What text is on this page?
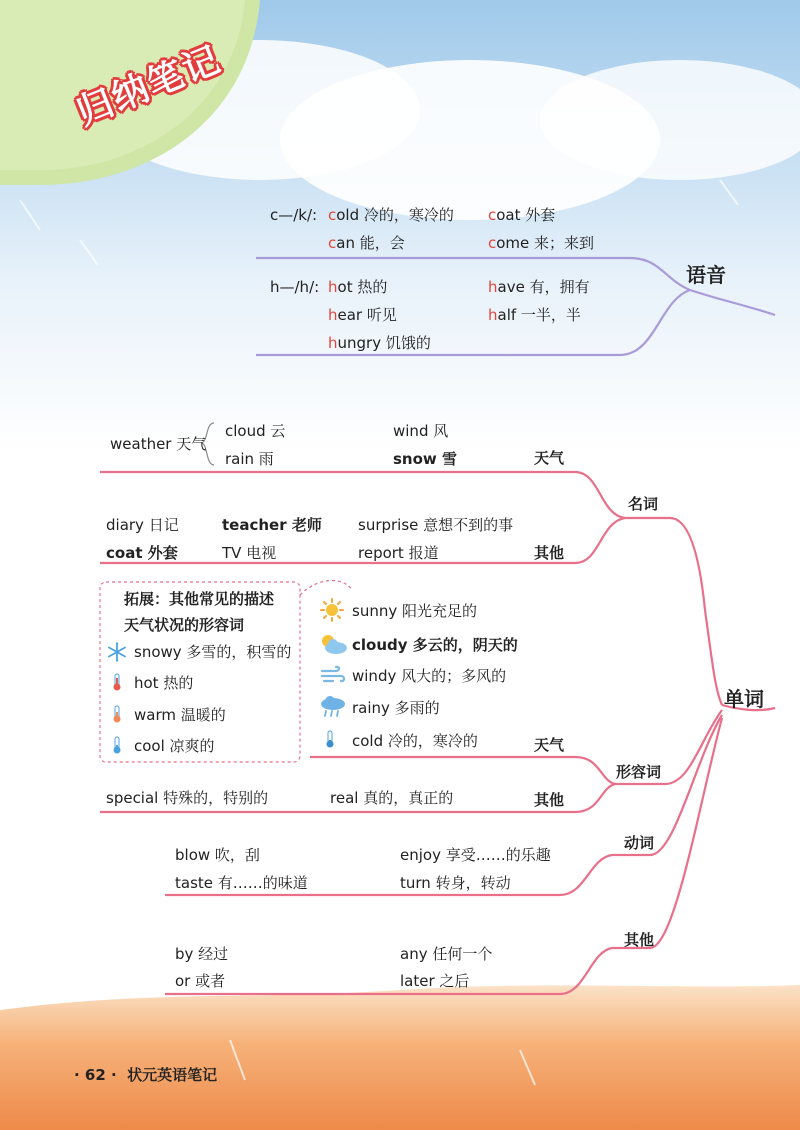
归纳笔记
c—/k/: cold 冷的，寒冷的 coat 外套
can 能，会	come 来；来到
h—/h/: hot 热的	have 有，拥有
hear 听见	half 一半，半
hungry 饥饿的
语音
weather 天气
cloud 云	wind 风
rain 雨	snow 雪	天气
diary 日记	teacher 老师 surprise 意想不到的事
coat 外套	TV 电视	report 报道	其他
名词
拓展：其他常见的描述
天气状况的形容词
snowy 多雪的，积雪的
hot 热的
warm 温暖的
cool 凉爽的
sunny 阳光充足的
cloudy 多云的，阴天的
windy 风大的；多风的
rainy 多雨的
cold 冷的，寒冷的	天气
special 特殊的，特别的	real 真的，真正的	其他
形容词
blow 吹，刮	enjoy 享受……的乐趣
taste 有……的味道	turn 转身，转动
动词
by 经过	any 任何一个
or 或者	later 之后
其他
单词
· 62 · 状元英语笔记
